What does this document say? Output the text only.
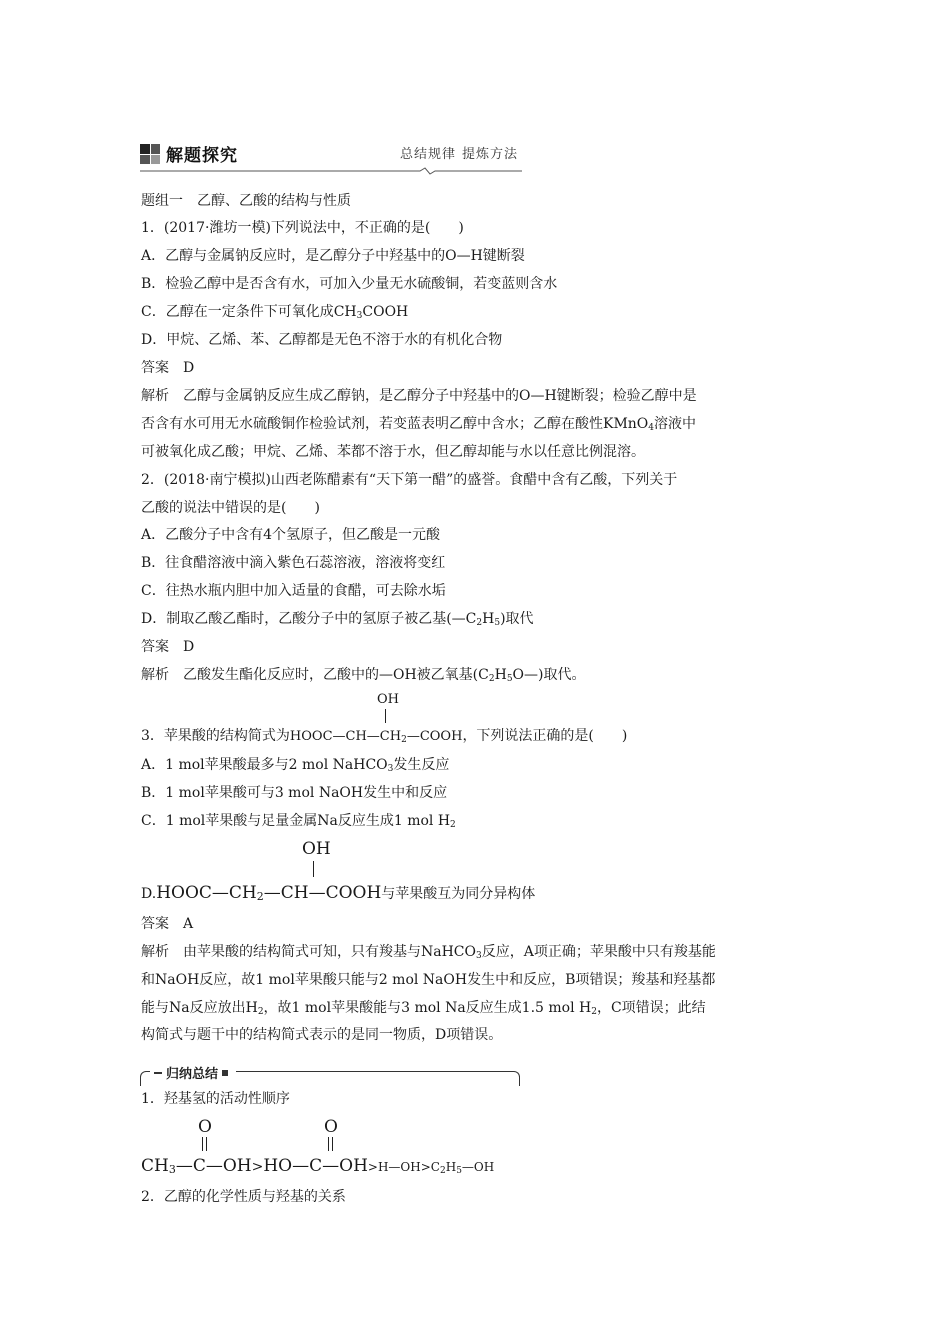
解题探究	总结规律 提炼方法
题组一　乙醇、乙酸的结构与性质
1．(2017·潍坊一模)下列说法中，不正确的是(　　)
A．乙醇与金属钠反应时，是乙醇分子中羟基中的O—H键断裂
B．检验乙醇中是否含有水，可加入少量无水硫酸铜，若变蓝则含水
C．乙醇在一定条件下可氧化成$CH_3COOH$
D．甲烷、乙烯、苯、乙醇都是无色不溶于水的有机化合物
答案　D
解析　乙醇与金属钠反应生成乙醇钠，是乙醇分子中羟基中的O—H键断裂；检验乙醇中是
否含有水可用无水硫酸铜作检验试剂，若变蓝表明乙醇中含水；乙醇在酸性KMnO$_4$溶液中
可被氧化成乙酸；甲烷、乙烯、苯都不溶于水，但乙醇却能与水以任意比例混溶。
2．(2018·南宁模拟)山西老陈醋素有“天下第一醋”的盛誉。食醋中含有乙酸，下列关于
乙酸的说法中错误的是(　　)
A．乙酸分子中含有4个氢原子，但乙酸是一元酸
B．往食醋溶液中滴入紫色石蕊溶液，溶液将变红
C．往热水瓶内胆中加入适量的食醋，可去除水垢
D．制取乙酸乙酯时，乙酸分子中的氢原子被乙基$(—C_2H_5)$取代
答案　D
解析　乙酸发生酯化反应时，乙酸中的—OH被乙氧基$(C_2H_5O—)$取代。
OH
3．苹果酸的结构简式为$HOOC—CH—CH_2—COOH$，下列说法正确的是(　　)
A．1 mol苹果酸最多与2 mol NaHCO$_3$发生反应
B．1 mol苹果酸可与3 mol NaOH发生中和反应
C．1 mol苹果酸与足量金属Na反应生成1 mol $H_2$
OH
D.HOOC—CH2—CH—COOH与苹果酸互为同分异构体
答案　A
解析　由苹果酸的结构简式可知，只有羧基与NaHCO$_3$反应，A项正确；苹果酸中只有羧基能
和NaOH反应，故1 mol苹果酸只能与2 mol NaOH发生中和反应，B项错误；羧基和羟基都
能与Na反应放出$H_2$，故1 mol苹果酸能与3 mol Na反应生成1.5 mol $H_2$，C项错误；此结
构简式与题干中的结构简式表示的是同一物质，D项错误。
归纳总结
1．羟基氢的活动性顺序
O	O
$CH3—C—OH>HO—C—OH>H—OH>C_2H_5—OH$
2．乙醇的化学性质与羟基的关系
